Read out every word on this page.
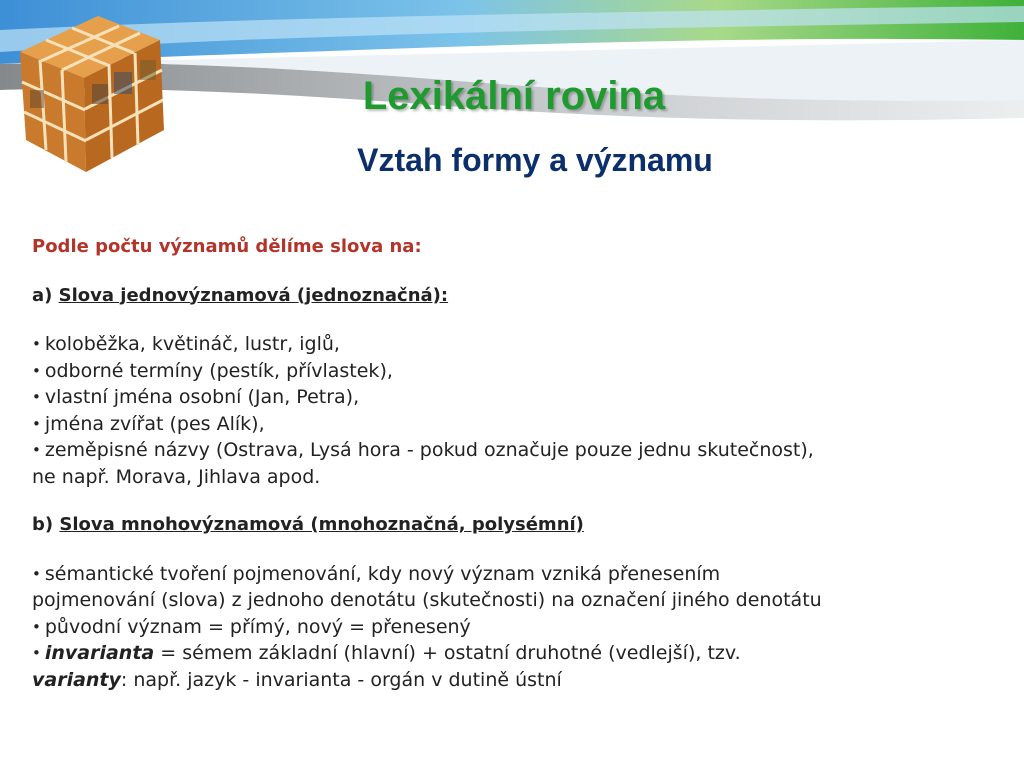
Lexikální rovina
Vztah formy a významu

Podle počtu významů dělíme slova na:

a) Slova jednovýznamová (jednoznačná):

• koloběžka, květináč, lustr, iglů,
• odborné termíny (pestík, přívlastek),
• vlastní jména osobní (Jan, Petra),
• jména zvířat (pes Alík),
• zeměpisné názvy (Ostrava, Lysá hora - pokud označuje pouze jednu skutečnost),
ne např. Morava, Jihlava apod.

b) Slova mnohovýznamová (mnohoznačná, polysémní)

• sémantické tvoření pojmenování, kdy nový význam vzniká přenesením
pojmenování (slova) z jednoho denotátu (skutečnosti) na označení jiného denotátu
• původní význam = přímý, nový = přenesený
• invarianta = sémem základní (hlavní) + ostatní druhotné (vedlejší), tzv.
varianty: např. jazyk - invarianta - orgán v dutině ústní
